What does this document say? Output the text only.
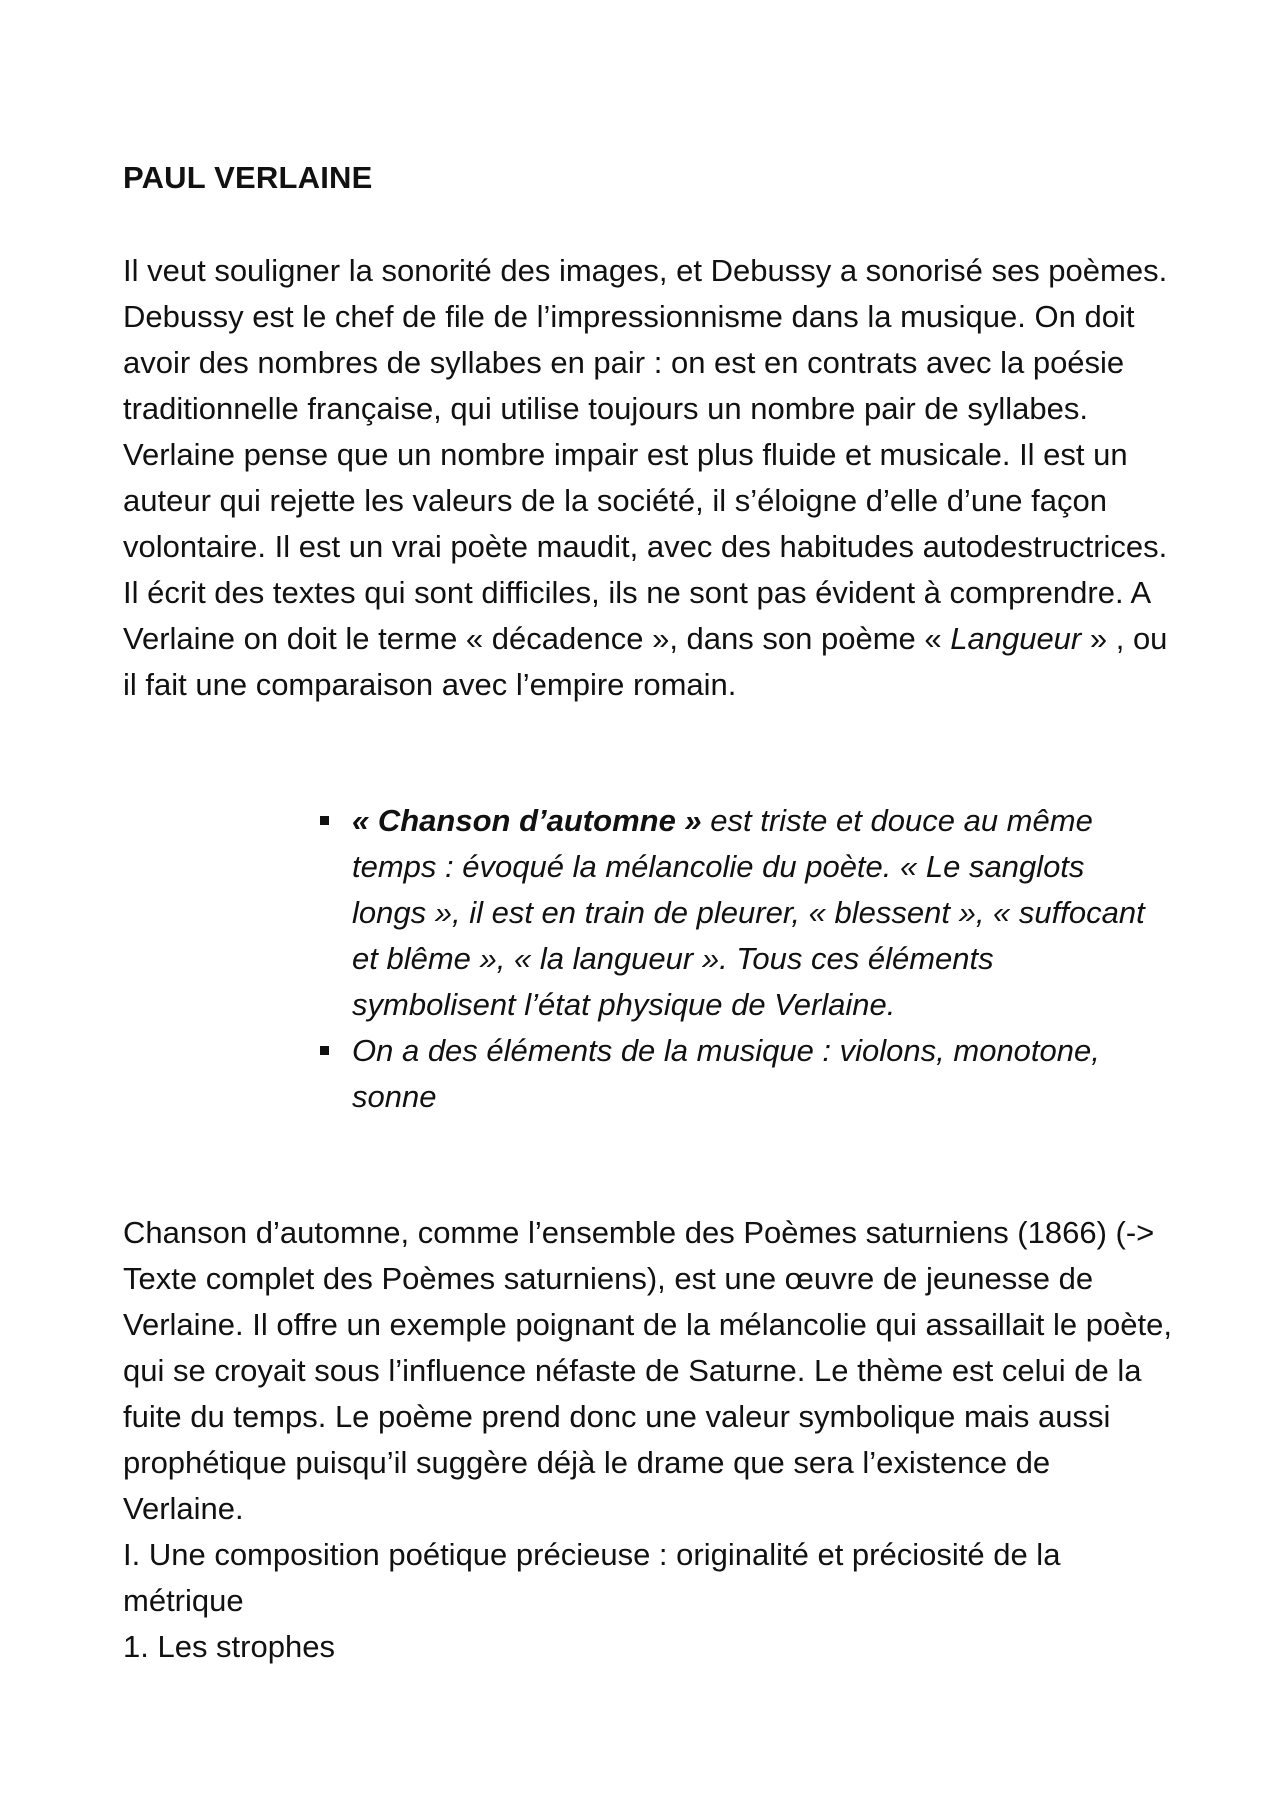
PAUL VERLAINE

Il veut souligner la sonorité des images, et Debussy a sonorisé ses poèmes. Debussy est le chef de file de l’impressionnisme dans la musique. On doit avoir des nombres de syllabes en pair : on est en contrats avec la poésie traditionnelle française, qui utilise toujours un nombre pair de syllabes. Verlaine pense que un nombre impair est plus fluide et musicale. Il est un auteur qui rejette les valeurs de la société, il s’éloigne d’elle d’une façon volontaire. Il est un vrai poète maudit, avec des habitudes autodestructrices. Il écrit des textes qui sont difficiles, ils ne sont pas évident à comprendre. A Verlaine on doit le terme « décadence », dans son poème « Langueur » , ou il fait une comparaison avec l’empire romain.

« Chanson d’automne » est triste et douce au même temps : évoqué la mélancolie du poète. « Le sanglots longs », il est en train de pleurer, « blessent », « suffocant et blême », « la langueur ». Tous ces éléments symbolisent l’état physique de Verlaine.
On a des éléments de la musique : violons, monotone, sonne
Chanson d’automne, comme l’ensemble des Poèmes saturniens (1866) (-> Texte complet des Poèmes saturniens), est une œuvre de jeunesse de Verlaine. Il offre un exemple poignant de la mélancolie qui assaillait le poète, qui se croyait sous l’influence néfaste de Saturne. Le thème est celui de la fuite du temps. Le poème prend donc une valeur symbolique mais aussi prophétique puisqu’il suggère déjà le drame que sera l’existence de Verlaine.
I. Une composition poétique précieuse : originalité et préciosité de la métrique
1. Les strophes
